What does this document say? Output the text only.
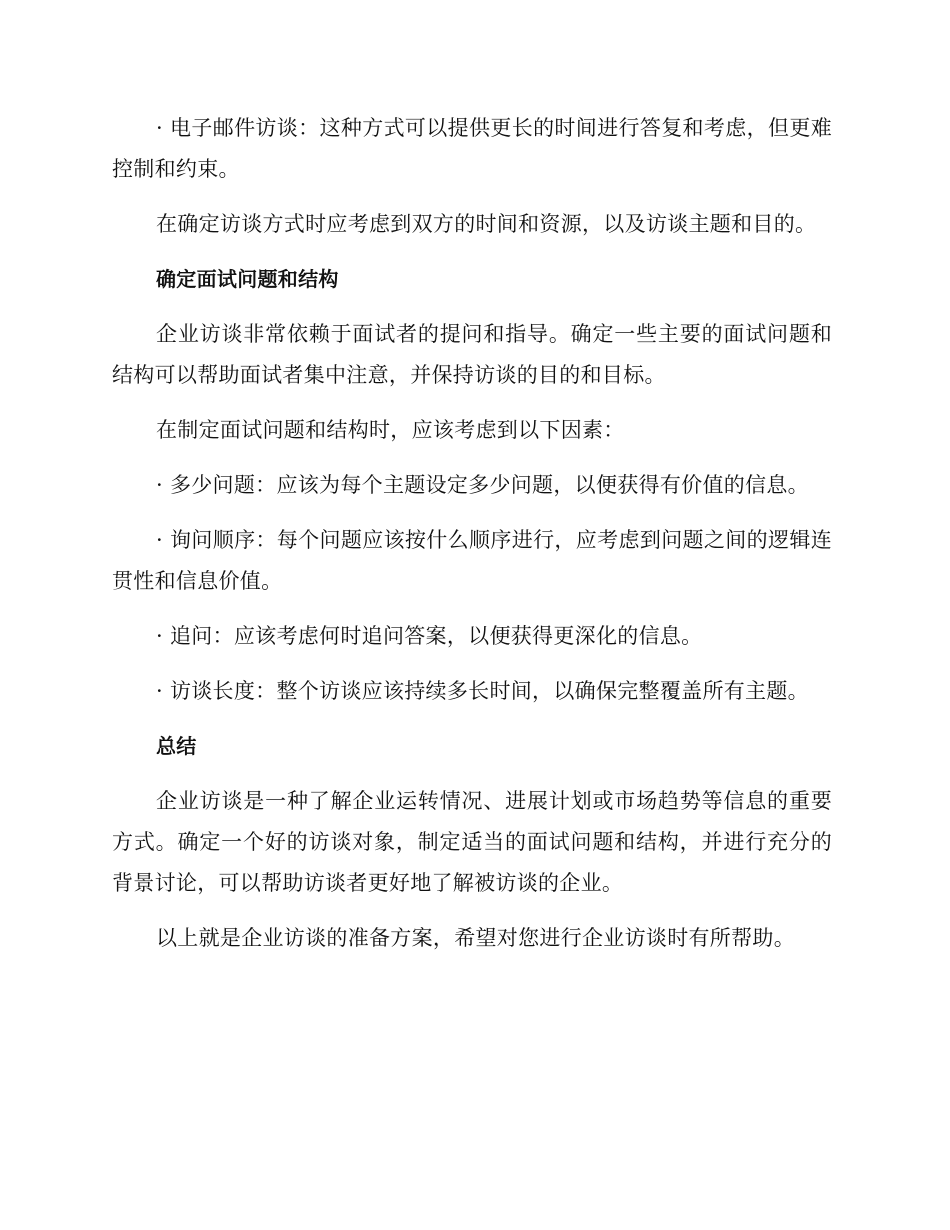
· 电子邮件访谈：这种方式可以提供更长的时间进行答复和考虑，但更难控制和约束。

在确定访谈方式时应考虑到双方的时间和资源，以及访谈主题和目的。

确定面试问题和结构

企业访谈非常依赖于面试者的提问和指导。确定一些主要的面试问题和结构可以帮助面试者集中注意，并保持访谈的目的和目标。

在制定面试问题和结构时，应该考虑到以下因素：

· 多少问题：应该为每个主题设定多少问题，以便获得有价值的信息。

· 询问顺序：每个问题应该按什么顺序进行，应考虑到问题之间的逻辑连贯性和信息价值。

· 追问：应该考虑何时追问答案，以便获得更深化的信息。

· 访谈长度：整个访谈应该持续多长时间，以确保完整覆盖所有主题。

总结

企业访谈是一种了解企业运转情况、进展计划或市场趋势等信息的重要方式。确定一个好的访谈对象，制定适当的面试问题和结构，并进行充分的背景讨论，可以帮助访谈者更好地了解被访谈的企业。

以上就是企业访谈的准备方案，希望对您进行企业访谈时有所帮助。
